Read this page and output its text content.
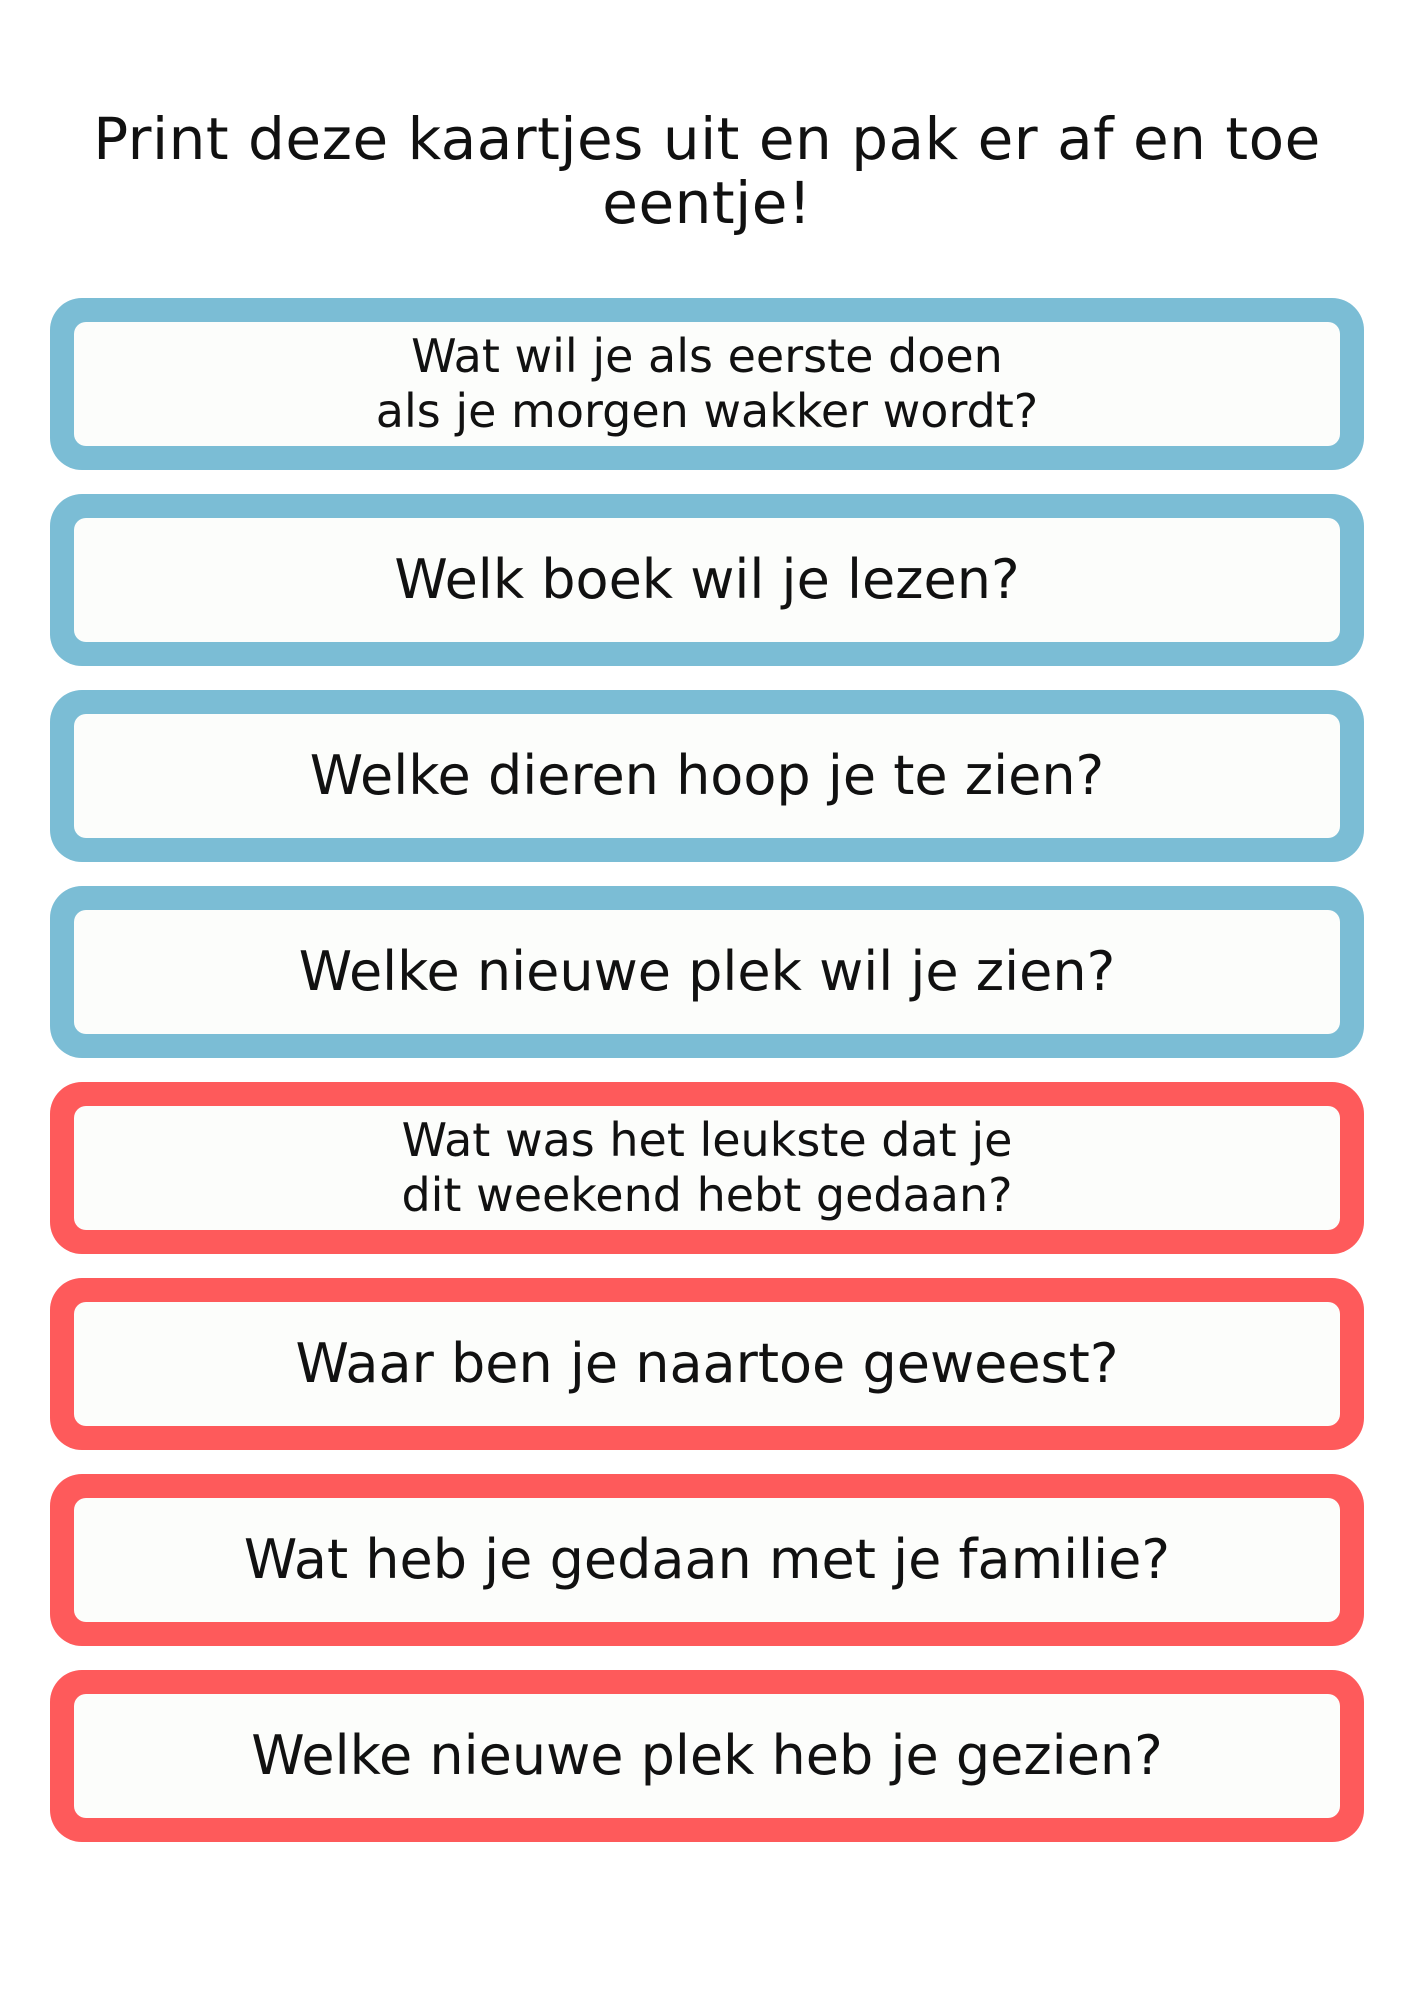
Print deze kaartjes uit en pak er af en toe eentje!
Wat wil je als eerste doen
als je morgen wakker wordt?
Welk boek wil je lezen?
Welke dieren hoop je te zien?
Welke nieuwe plek wil je zien?
Wat was het leukste dat je
dit weekend hebt gedaan?
Waar ben je naartoe geweest?
Wat heb je gedaan met je familie?
Welke nieuwe plek heb je gezien?
